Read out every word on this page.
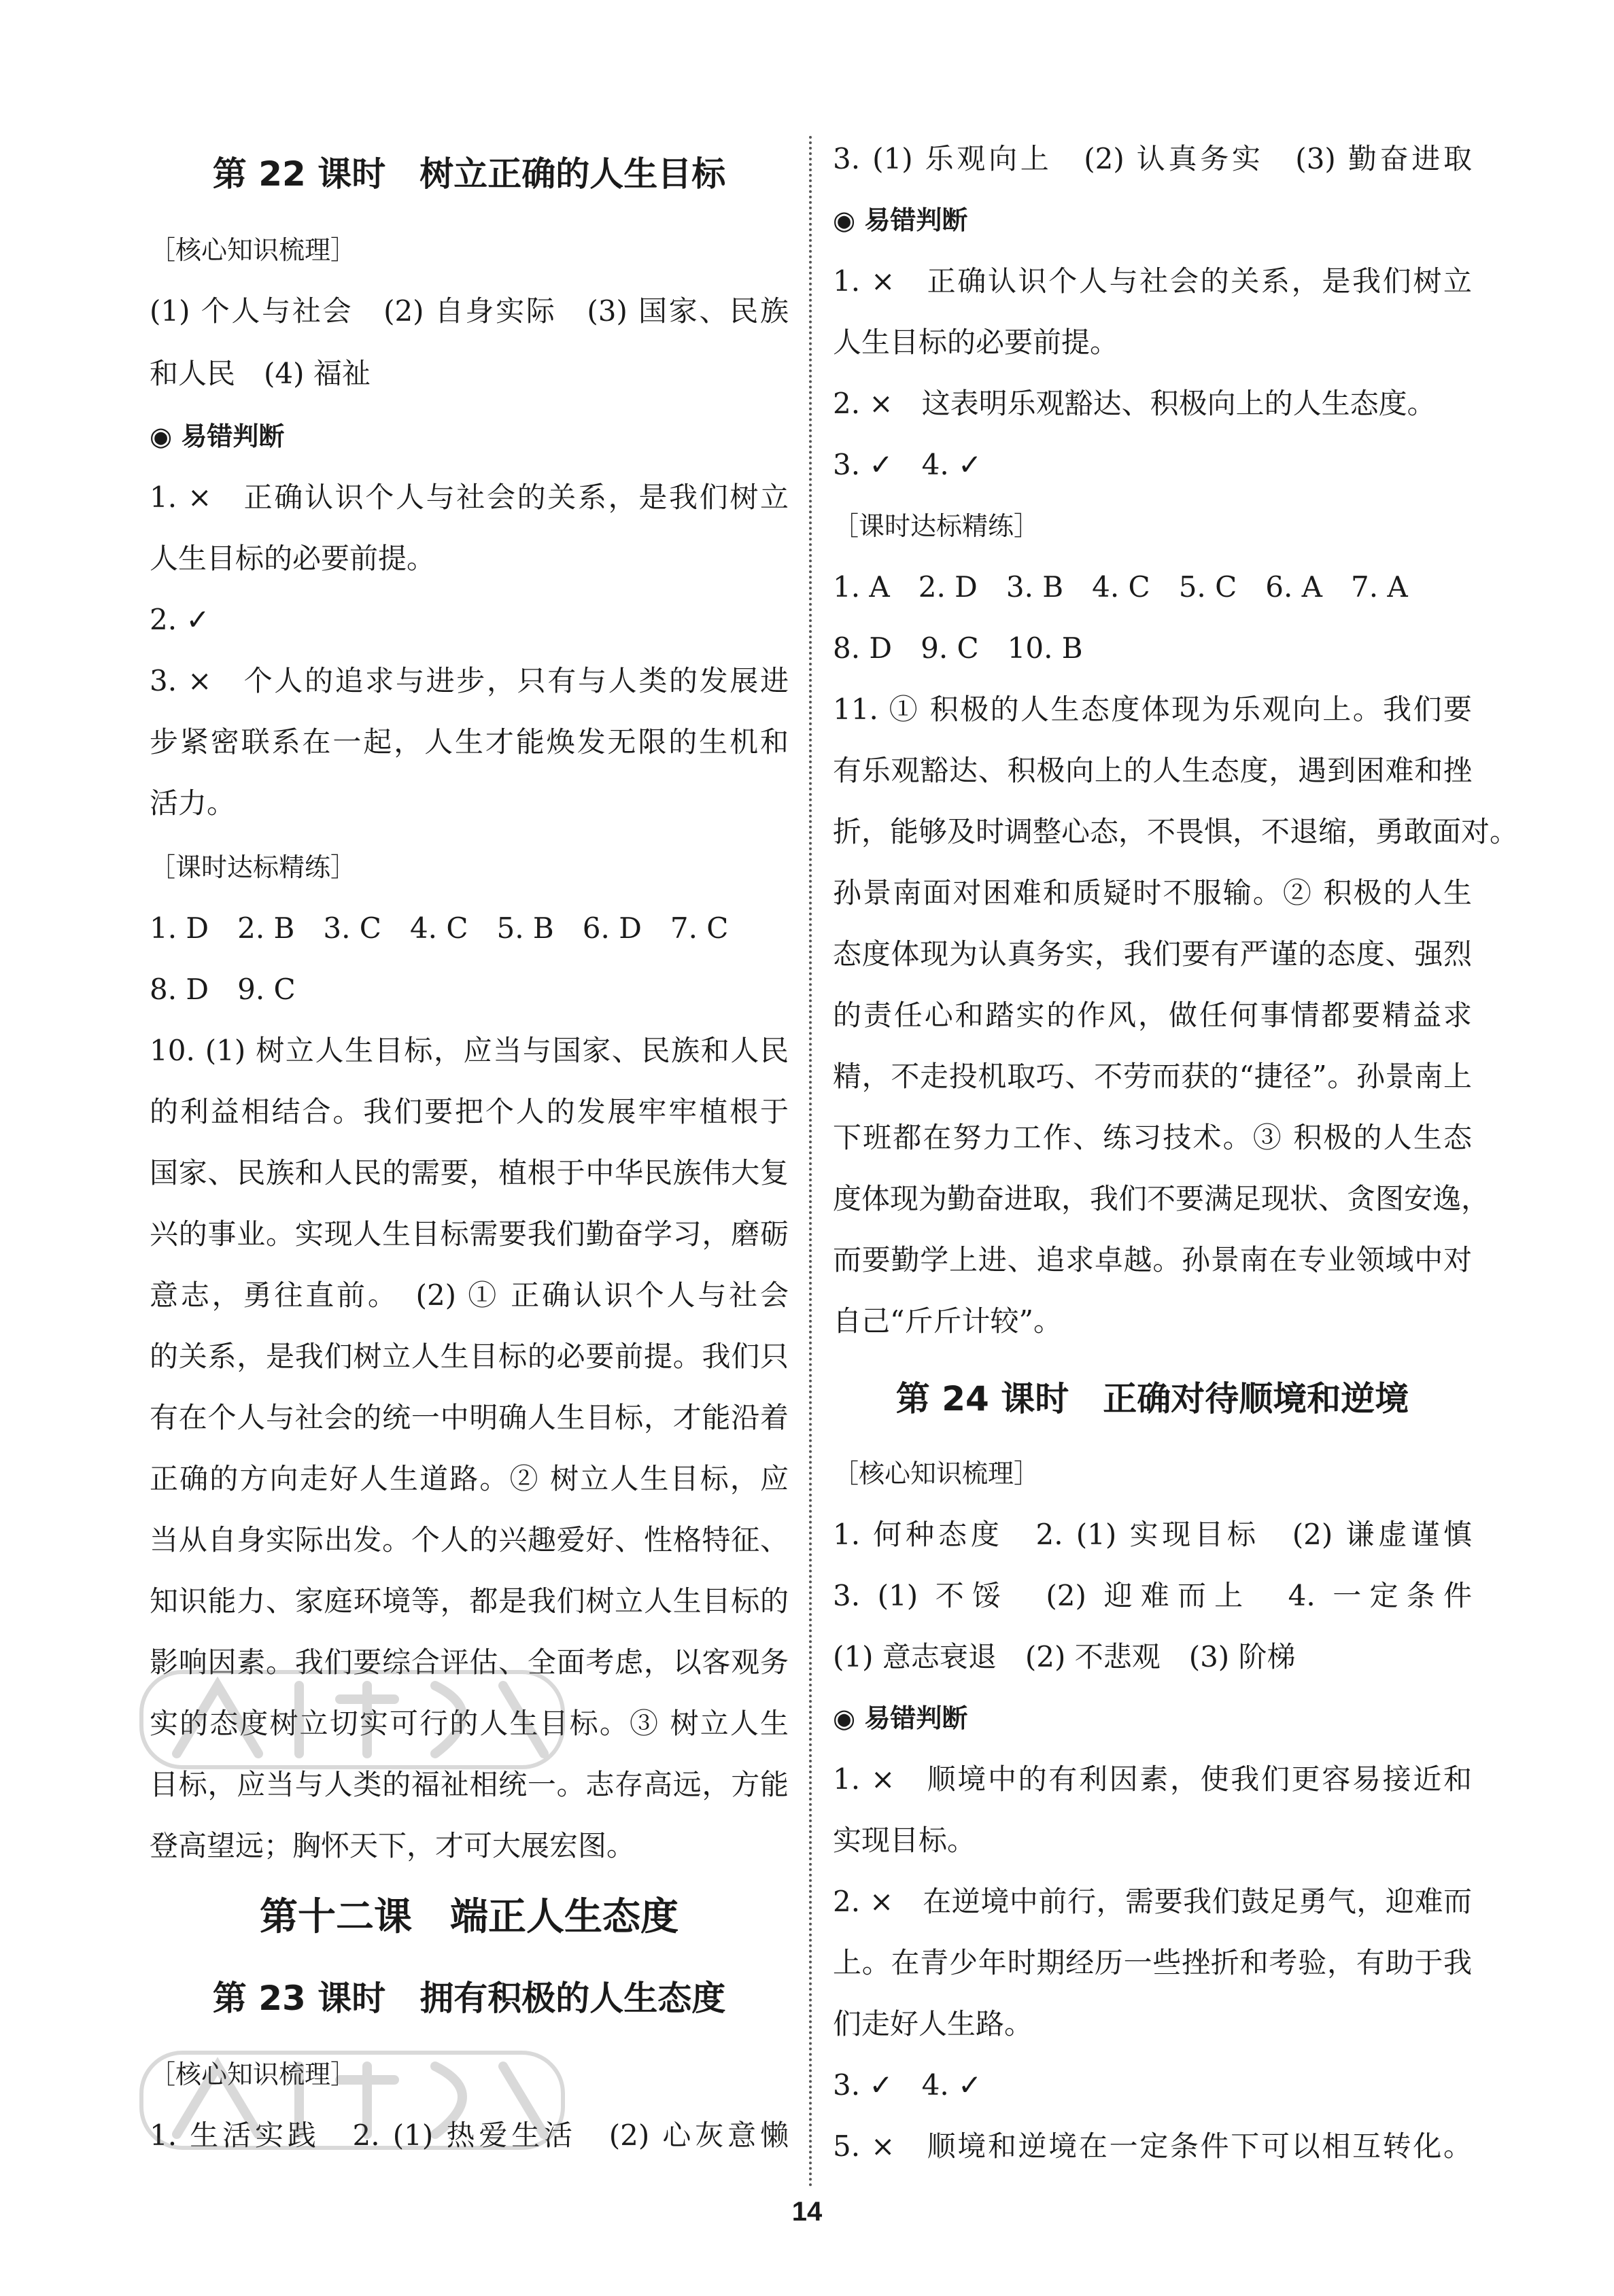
第 22 课时　树立正确的人生目标
［核心知识梳理］
(1) 个人与社会　(2) 自身实际　(3) 国家、民族
和人民　(4) 福祉
◉ 易错判断
1. ×　正确认识个人与社会的关系，是我们树立
人生目标的必要前提。
2. ✓
3. ×　个人的追求与进步，只有与人类的发展进
步紧密联系在一起，人生才能焕发无限的生机和
活力。
［课时达标精练］
1. D　2. B　3. C　4. C　5. B　6. D　7. C
8. D　9. C
10. (1) 树立人生目标，应当与国家、民族和人民
的利益相结合。我们要把个人的发展牢牢植根于
国家、民族和人民的需要，植根于中华民族伟大复
兴的事业。实现人生目标需要我们勤奋学习，磨砺
意志，勇往直前。　(2) ① 正确认识个人与社会
的关系，是我们树立人生目标的必要前提。我们只
有在个人与社会的统一中明确人生目标，才能沿着
正确的方向走好人生道路。② 树立人生目标，应
当从自身实际出发。个人的兴趣爱好、性格特征、
知识能力、家庭环境等，都是我们树立人生目标的
影响因素。我们要综合评估、全面考虑，以客观务
实的态度树立切实可行的人生目标。③ 树立人生
目标，应当与人类的福祉相统一。志存高远，方能
登高望远；胸怀天下，才可大展宏图。
第十二课　端正人生态度
第 23 课时　拥有积极的人生态度
［核心知识梳理］
1. 生活实践　2. (1) 热爱生活　(2) 心灰意懒
3. (1) 乐观向上　(2) 认真务实　(3) 勤奋进取
◉ 易错判断
1. ×　正确认识个人与社会的关系，是我们树立
人生目标的必要前提。
2. ×　这表明乐观豁达、积极向上的人生态度。
3. ✓　4. ✓
［课时达标精练］
1. A　2. D　3. B　4. C　5. C　6. A　7. A
8. D　9. C　10. B
11. ① 积极的人生态度体现为乐观向上。我们要
有乐观豁达、积极向上的人生态度，遇到困难和挫
折，能够及时调整心态，不畏惧，不退缩，勇敢面对。
孙景南面对困难和质疑时不服输。② 积极的人生
态度体现为认真务实，我们要有严谨的态度、强烈
的责任心和踏实的作风，做任何事情都要精益求
精，不走投机取巧、不劳而获的“捷径”。孙景南上
下班都在努力工作、练习技术。③ 积极的人生态
度体现为勤奋进取，我们不要满足现状、贪图安逸，
而要勤学上进、追求卓越。孙景南在专业领域中对
自己“斤斤计较”。
第 24 课时　正确对待顺境和逆境
［核心知识梳理］
1. 何种态度　2. (1) 实现目标　(2) 谦虚谨慎
3. (1) 不馁　(2) 迎难而上　4. 一定条件
(1) 意志衰退　(2) 不悲观　(3) 阶梯
◉ 易错判断
1. ×　顺境中的有利因素，使我们更容易接近和
实现目标。
2. ×　在逆境中前行，需要我们鼓足勇气，迎难而
上。在青少年时期经历一些挫折和考验，有助于我
们走好人生路。
3. ✓　4. ✓
5. ×　顺境和逆境在一定条件下可以相互转化。
14
